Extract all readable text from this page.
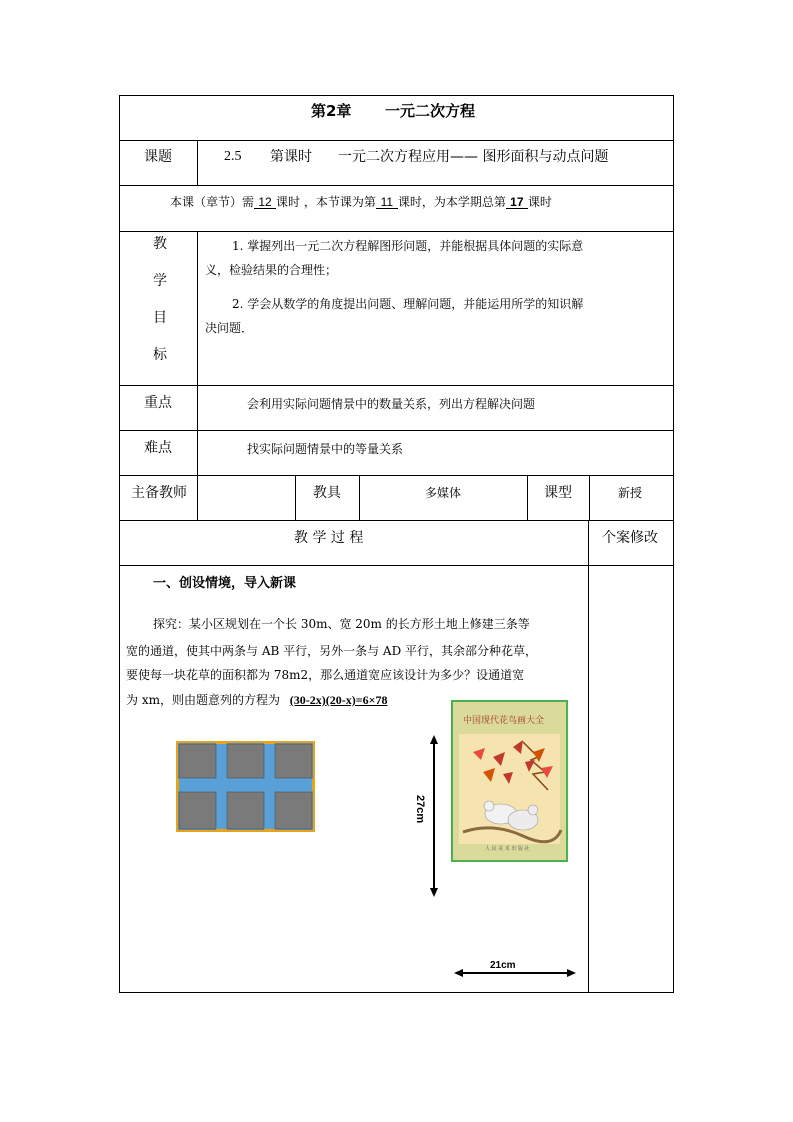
第2章 一元二次方程
课题	2.5 第课时 一元二次方程应用—— 图形面积与动点问题
本课（章节）需 12 课时 ，本节课为第 11 课时，为本学期总第 17 课时
教
学
目
标
1. 掌握列出一元二次方程解图形问题，并能根据具体问题的实际意
义，检验结果的合理性；
2. 学会从数学的角度提出问题、理解问题，并能运用所学的知识解
决问题．
重点	会利用实际问题情景中的数量关系，列出方程解决问题
难点	找实际问题情景中的等量关系
主备教师	教具	多媒体	课型	新授
教 学 过 程	个案修改
一、创设情境，导入新课
探究：某小区规划在一个长 30m、宽 20m 的长方形土地上修建三条等
宽的通道，使其中两条与 AB 平行，另外一条与 AD 平行，其余部分种花草，
要使每一块花草的面积都为 78m2，那么通道宽应该设计为多少？设通道宽
为 xm，则由题意列的方程为 (30-2x)(20-x)=6×78
27cm
中国现代花鸟画大全
人 民 美 术 出 版 社
21cm
